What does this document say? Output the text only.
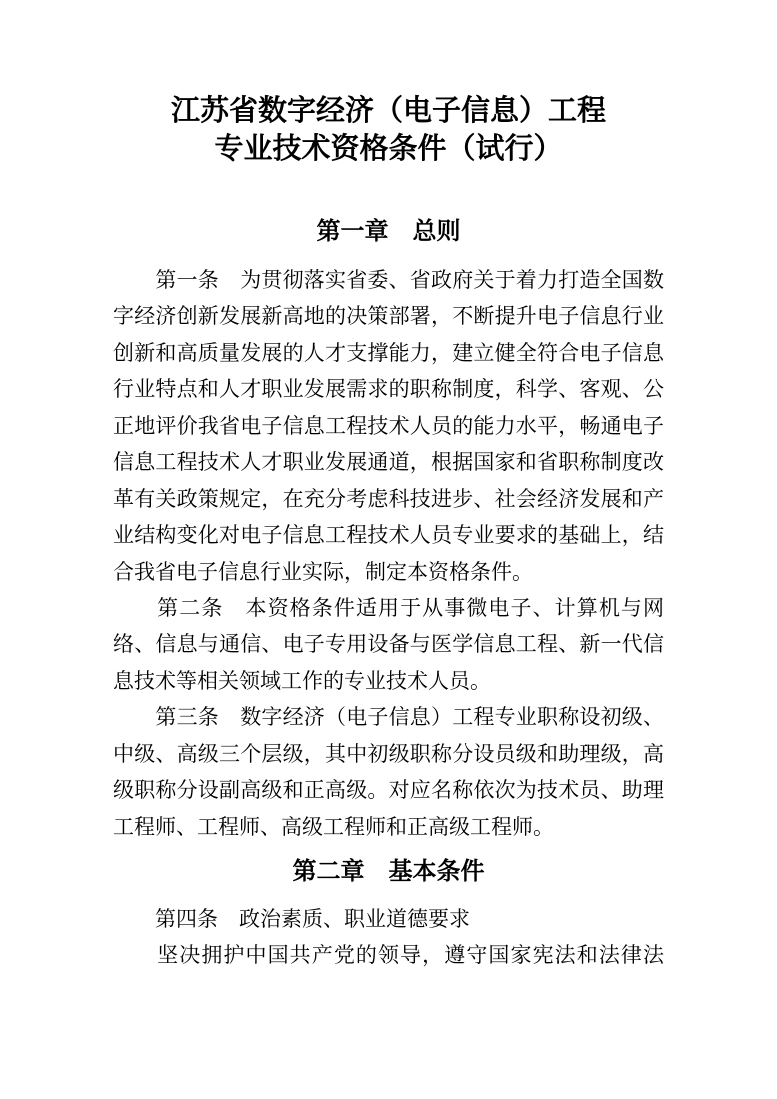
江苏省数字经济（电子信息）工程
专业技术资格条件（试行）
第一章　总则
　　第一条　为贯彻落实省委、省政府关于着力打造全国数
字经济创新发展新高地的决策部署，不断提升电子信息行业
创新和高质量发展的人才支撑能力，建立健全符合电子信息
行业特点和人才职业发展需求的职称制度，科学、客观、公
正地评价我省电子信息工程技术人员的能力水平，畅通电子
信息工程技术人才职业发展通道，根据国家和省职称制度改
革有关政策规定，在充分考虑科技进步、社会经济发展和产
业结构变化对电子信息工程技术人员专业要求的基础上，结
合我省电子信息行业实际，制定本资格条件。
　　第二条　本资格条件适用于从事微电子、计算机与网
络、信息与通信、电子专用设备与医学信息工程、新一代信
息技术等相关领域工作的专业技术人员。
　　第三条　数字经济（电子信息）工程专业职称设初级、
中级、高级三个层级，其中初级职称分设员级和助理级，高
级职称分设副高级和正高级。对应名称依次为技术员、助理
工程师、工程师、高级工程师和正高级工程师。
第二章　基本条件
　　第四条　政治素质、职业道德要求
　　坚决拥护中国共产党的领导，遵守国家宪法和法律法
